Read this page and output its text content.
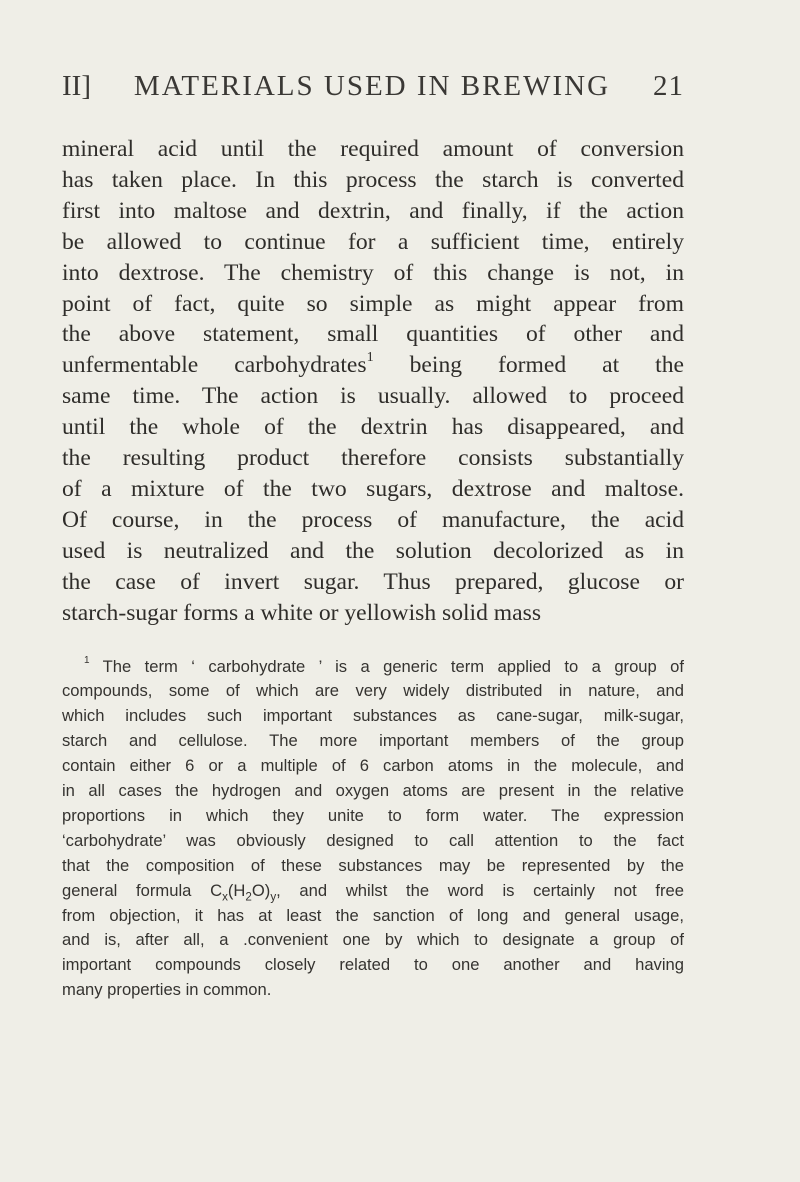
II] MATERIALS USED IN BREWING 21
mineral acid until the required amount of conversion
has taken place. In this process the starch is converted
first into maltose and dextrin, and finally, if the action
be allowed to continue for a sufficient time, entirely
into dextrose. The chemistry of this change is not, in
point of fact, quite so simple as might appear from
the above statement, small quantities of other and
unfermentable carbohydrates$^1$ being formed at the
same time. The action is usually. allowed to proceed
until the whole of the dextrin has disappeared, and
the resulting product therefore consists substantially
of a mixture of the two sugars, dextrose and maltose.
Of course, in the process of manufacture, the acid
used is neutralized and the solution decolorized as in
the case of invert sugar. Thus prepared, glucose or
starch-sugar forms a white or yellowish solid mass
$^1$ The term ‘ carbohydrate ’ is a generic term applied to a group of
compounds, some of which are very widely distributed in nature, and
which includes such important substances as cane-sugar, milk-sugar,
starch and cellulose. The more important members of the group
contain either 6 or a multiple of 6 carbon atoms in the molecule, and
in all cases the hydrogen and oxygen atoms are present in the relative
proportions in which they unite to form water. The expression
‘carbohydrate’ was obviously designed to call attention to the fact
that the composition of these substances may be represented by the
general formula $C_x(H_2O)_y$, and whilst the word is certainly not free
from objection, it has at least the sanction of long and general usage,
and is, after all, a .convenient one by which to designate a group of
important compounds closely related to one another and having
many properties in common.
